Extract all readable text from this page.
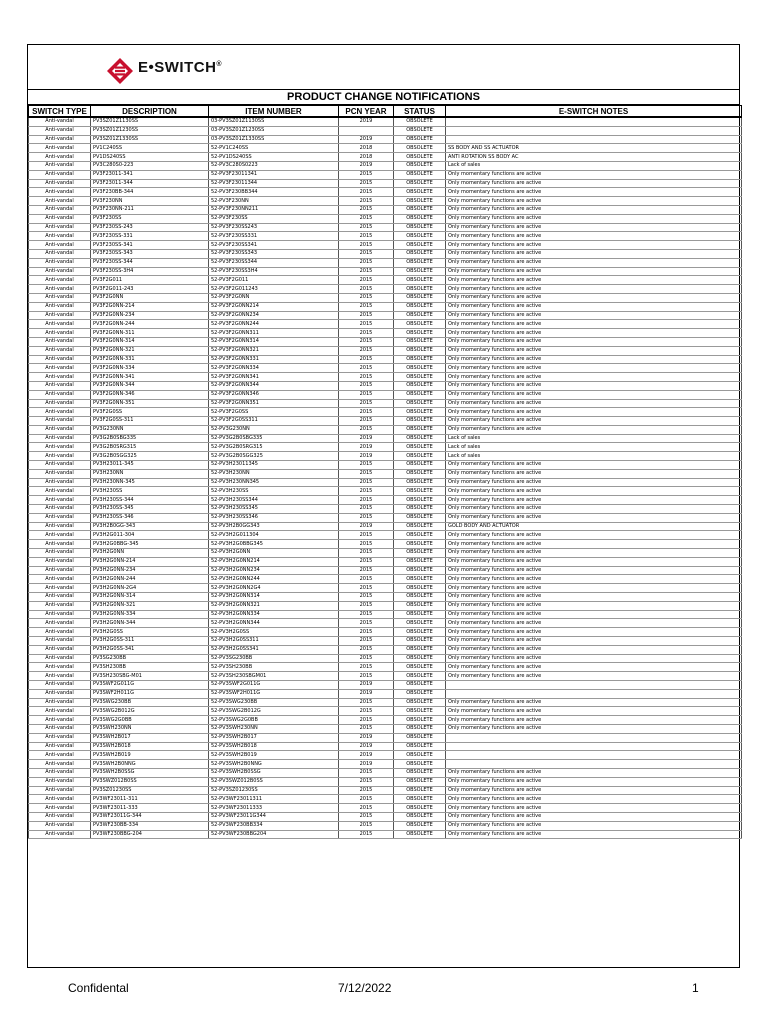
E•SWITCH®
PRODUCT CHANGE NOTIFICATIONS
SWITCH TYPE	DESCRIPTION	ITEM NUMBER	PCN YEAR	STATUS	E-SWITCH NOTES
Anti-vandal	PV3SZ01Z1130SS	03-PV3SZ01Z1130SS	2019	OBSOLETE	
Anti-vandal	PV3SZ01Z1230SS	03-PV3SZ01Z1230SS		OBSOLETE	
Anti-vandal	PV3SZ01Z1330SS	03-PV3SZ01Z1330SS	2019	OBSOLETE	
Anti-vandal	PV1C240SS	52-PV1C240SS	2018	OBSOLETE	SS BODY AND SS ACTUATOR
Anti-vandal	PV1DS240SS	52-PV1DS240SS	2018	OBSOLETE	ANTI ROTATION SS BODY AC
Anti-vandal	PV3C280S0-223	52-PV3C280S0223	2019	OBSOLETE	Lack of sales
Anti-vandal	PV3F23011-341	52-PV3F23011341	2015	OBSOLETE	Only momentary functions are active
Anti-vandal	PV3F23011-344	52-PV3F23011344	2015	OBSOLETE	Only momentary functions are active
Anti-vandal	PV3F230BB-344	52-PV3F230BB344	2015	OBSOLETE	Only momentary functions are active
Anti-vandal	PV3F230NN	52-PV3F230NN	2015	OBSOLETE	Only momentary functions are active
Anti-vandal	PV3F230NN-211	52-PV3F230NN211	2015	OBSOLETE	Only momentary functions are active
Anti-vandal	PV3F230SS	52-PV3F230SS	2015	OBSOLETE	Only momentary functions are active
Anti-vandal	PV3F230SS-243	52-PV3F230SS243	2015	OBSOLETE	Only momentary functions are active
Anti-vandal	PV3F230SS-331	52-PV3F230SS331	2015	OBSOLETE	Only momentary functions are active
Anti-vandal	PV3F230SS-341	52-PV3F230SS341	2015	OBSOLETE	Only momentary functions are active
Anti-vandal	PV3F230SS-343	52-PV3F230SS343	2015	OBSOLETE	Only momentary functions are active
Anti-vandal	PV3F230SS-344	52-PV3F230SS344	2015	OBSOLETE	Only momentary functions are active
Anti-vandal	PV3F230SS-3H4	52-PV3F230SS3H4	2015	OBSOLETE	Only momentary functions are active
Anti-vandal	PV3F2G011	52-PV3F2G011	2015	OBSOLETE	Only momentary functions are active
Anti-vandal	PV3F2G011-243	52-PV3F2G011243	2015	OBSOLETE	Only momentary functions are active
Anti-vandal	PV3F2G0NN	52-PV3F2G0NN	2015	OBSOLETE	Only momentary functions are active
Anti-vandal	PV3F2G0NN-214	52-PV3F2G0NN214	2015	OBSOLETE	Only momentary functions are active
Anti-vandal	PV3F2G0NN-234	52-PV3F2G0NN234	2015	OBSOLETE	Only momentary functions are active
Anti-vandal	PV3F2G0NN-244	52-PV3F2G0NN244	2015	OBSOLETE	Only momentary functions are active
Anti-vandal	PV3F2G0NN-311	52-PV3F2G0NN311	2015	OBSOLETE	Only momentary functions are active
Anti-vandal	PV3F2G0NN-314	52-PV3F2G0NN314	2015	OBSOLETE	Only momentary functions are active
Anti-vandal	PV3F2G0NN-321	52-PV3F2G0NN321	2015	OBSOLETE	Only momentary functions are active
Anti-vandal	PV3F2G0NN-331	52-PV3F2G0NN331	2015	OBSOLETE	Only momentary functions are active
Anti-vandal	PV3F2G0NN-334	52-PV3F2G0NN334	2015	OBSOLETE	Only momentary functions are active
Anti-vandal	PV3F2G0NN-341	52-PV3F2G0NN341	2015	OBSOLETE	Only momentary functions are active
Anti-vandal	PV3F2G0NN-344	52-PV3F2G0NN344	2015	OBSOLETE	Only momentary functions are active
Anti-vandal	PV3F2G0NN-346	52-PV3F2G0NN346	2015	OBSOLETE	Only momentary functions are active
Anti-vandal	PV3F2G0NN-351	52-PV3F2G0NN351	2015	OBSOLETE	Only momentary functions are active
Anti-vandal	PV3F2G0SS	52-PV3F2G0SS	2015	OBSOLETE	Only momentary functions are active
Anti-vandal	PV3F2G0SS-311	52-PV3F2G0SS311	2015	OBSOLETE	Only momentary functions are active
Anti-vandal	PV3G230NN	52-PV3G230NN	2015	OBSOLETE	Only momentary functions are active
Anti-vandal	PV3G2B0SBG335	52-PV3G2B0SBG335	2019	OBSOLETE	Lack of sales
Anti-vandal	PV3G2B0SRG315	52-PV3G2B0SRG315	2019	OBSOLETE	Lack of sales
Anti-vandal	PV3G2B0SGG325	52-PV3G2B0SGG325	2019	OBSOLETE	Lack of sales
Anti-vandal	PV3H23011-345	52-PV3H23011345	2015	OBSOLETE	Only momentary functions are active
Anti-vandal	PV3H230NN	52-PV3H230NN	2015	OBSOLETE	Only momentary functions are active
Anti-vandal	PV3H230NN-345	52-PV3H230NN345	2015	OBSOLETE	Only momentary functions are active
Anti-vandal	PV3H230SS	52-PV3H230SS	2015	OBSOLETE	Only momentary functions are active
Anti-vandal	PV3H230SS-344	52-PV3H230SS344	2015	OBSOLETE	Only momentary functions are active
Anti-vandal	PV3H230SS-345	52-PV3H230SS345	2015	OBSOLETE	Only momentary functions are active
Anti-vandal	PV3H230SS-346	52-PV3H230SS346	2015	OBSOLETE	Only momentary functions are active
Anti-vandal	PV3H2B0GG-343	52-PV3H2B0GG343	2019	OBSOLETE	GOLD BODY AND ACTUATOR
Anti-vandal	PV3H2G011-304	52-PV3H2G011304	2015	OBSOLETE	Only momentary functions are active
Anti-vandal	PV3H2G0BBG-345	52-PV3H2G0BBG345	2015	OBSOLETE	Only momentary functions are active
Anti-vandal	PV3H2G0NN	52-PV3H2G0NN	2015	OBSOLETE	Only momentary functions are active
Anti-vandal	PV3H2G0NN-214	52-PV3H2G0NN214	2015	OBSOLETE	Only momentary functions are active
Anti-vandal	PV3H2G0NN-234	52-PV3H2G0NN234	2015	OBSOLETE	Only momentary functions are active
Anti-vandal	PV3H2G0NN-244	52-PV3H2G0NN244	2015	OBSOLETE	Only momentary functions are active
Anti-vandal	PV3H2G0NN-2G4	52-PV3H2G0NN2G4	2015	OBSOLETE	Only momentary functions are active
Anti-vandal	PV3H2G0NN-314	52-PV3H2G0NN314	2015	OBSOLETE	Only momentary functions are active
Anti-vandal	PV3H2G0NN-321	52-PV3H2G0NN321	2015	OBSOLETE	Only momentary functions are active
Anti-vandal	PV3H2G0NN-334	52-PV3H2G0NN334	2015	OBSOLETE	Only momentary functions are active
Anti-vandal	PV3H2G0NN-344	52-PV3H2G0NN344	2015	OBSOLETE	Only momentary functions are active
Anti-vandal	PV3H2G0SS	52-PV3H2G0SS	2015	OBSOLETE	Only momentary functions are active
Anti-vandal	PV3H2G0SS-311	52-PV3H2G0SS311	2015	OBSOLETE	Only momentary functions are active
Anti-vandal	PV3H2G0SS-341	52-PV3H2G0SS341	2015	OBSOLETE	Only momentary functions are active
Anti-vandal	PV3SG230BB	52-PV3SG230BB	2015	OBSOLETE	Only momentary functions are active
Anti-vandal	PV3SH230BB	52-PV3SH230BB	2015	OBSOLETE	Only momentary functions are active
Anti-vandal	PV3SH230SBG-M01	52-PV3SH230SBGM01	2015	OBSOLETE	Only momentary functions are active
Anti-vandal	PV3SWF2G011G	52-PV3SWF2G011G	2019	OBSOLETE	
Anti-vandal	PV3SWF2H011G	52-PV3SWF2H011G	2019	OBSOLETE	
Anti-vandal	PV3SWG230BB	52-PV3SWG230BB	2015	OBSOLETE	Only momentary functions are active
Anti-vandal	PV3SWG2B012G	52-PV3SWG2B012G	2015	OBSOLETE	Only momentary functions are active
Anti-vandal	PV3SWG2G0BB	52-PV3SWG2G0BB	2015	OBSOLETE	Only momentary functions are active
Anti-vandal	PV3SWH230NN	52-PV3SWH230NN	2015	OBSOLETE	Only momentary functions are active
Anti-vandal	PV3SWH2B017	52-PV3SWH2B017	2019	OBSOLETE	
Anti-vandal	PV3SWH2B018	52-PV3SWH2B018	2019	OBSOLETE	
Anti-vandal	PV3SWH2B019	52-PV3SWH2B019	2019	OBSOLETE	
Anti-vandal	PV3SWH2B0NNG	52-PV3SWH2B0NNG	2019	OBSOLETE	
Anti-vandal	PV3SWH2B0SSG	52-PV3SWH2B0SSG	2015	OBSOLETE	Only momentary functions are active
Anti-vandal	PV3SWZ012B0SS	52-PV3SWZ012B0SS	2015	OBSOLETE	Only momentary functions are active
Anti-vandal	PV3SZ01230SS	52-PV3SZ01230SS	2015	OBSOLETE	Only momentary functions are active
Anti-vandal	PV3WF23011-311	52-PV3WF23011311	2015	OBSOLETE	Only momentary functions are active
Anti-vandal	PV3WF23011-333	52-PV3WF23011333	2015	OBSOLETE	Only momentary functions are active
Anti-vandal	PV3WF23011G-344	52-PV3WF23011G344	2015	OBSOLETE	Only momentary functions are active
Anti-vandal	PV3WF230BB-334	52-PV3WF230BB334	2015	OBSOLETE	Only momentary functions are active
Anti-vandal	PV3WF230BBG-204	52-PV3WF230BBG204	2015	OBSOLETE	Only momentary functions are active
Confidental	7/12/2022	1
